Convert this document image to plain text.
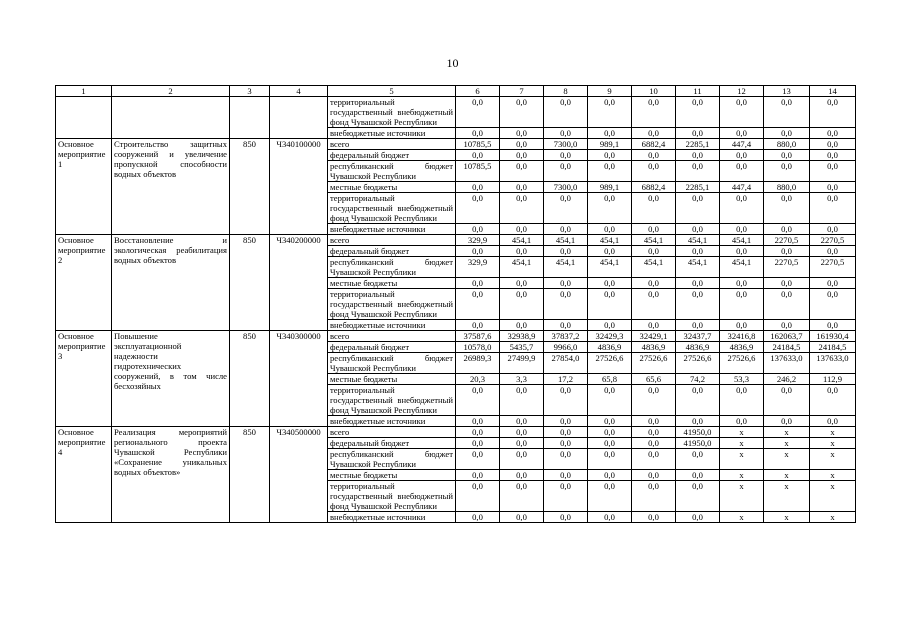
10
1	2	3	4	5	6	7	8	9	10	11	12	13	14
				территориальный государственный внебюджетный фонд Чувашской Республики	0,0	0,0	0,0	0,0	0,0	0,0	0,0	0,0	0,0
				внебюджетные источники	0,0	0,0	0,0	0,0	0,0	0,0	0,0	0,0	0,0
Основное мероприятие 1	Строительство защитных сооружений и увеличение пропускной способности водных объектов	850	Ч340100000	всего	10785,5	0,0	7300,0	989,1	6882,4	2285,1	447,4	880,0	0,0
				федеральный бюджет	0,0	0,0	0,0	0,0	0,0	0,0	0,0	0,0	0,0
				республиканский бюджет Чувашской Республики	10785,5	0,0	0,0	0,0	0,0	0,0	0,0	0,0	0,0
				местные бюджеты	0,0	0,0	7300,0	989,1	6882,4	2285,1	447,4	880,0	0,0
				территориальный государственный внебюджетный фонд Чувашской Республики	0,0	0,0	0,0	0,0	0,0	0,0	0,0	0,0	0,0
				внебюджетные источники	0,0	0,0	0,0	0,0	0,0	0,0	0,0	0,0	0,0
Основное мероприятие 2	Восстановление и экологическая реабилитация водных объектов	850	Ч340200000	всего	329,9	454,1	454,1	454,1	454,1	454,1	454,1	2270,5	2270,5
				федеральный бюджет	0,0	0,0	0,0	0,0	0,0	0,0	0,0	0,0	0,0
				республиканский бюджет Чувашской Республики	329,9	454,1	454,1	454,1	454,1	454,1	454,1	2270,5	2270,5
				местные бюджеты	0,0	0,0	0,0	0,0	0,0	0,0	0,0	0,0	0,0
				территориальный государственный внебюджетный фонд Чувашской Республики	0,0	0,0	0,0	0,0	0,0	0,0	0,0	0,0	0,0
				внебюджетные источники	0,0	0,0	0,0	0,0	0,0	0,0	0,0	0,0	0,0
Основное мероприятие 3	Повышение эксплуатационной надежности гидротехнических сооружений, в том числе бесхозяйных	850	Ч340300000	всего	37587,6	32938,9	37837,2	32429,3	32429,1	32437,7	32416,8	162063,7	161930,4
				федеральный бюджет	10578,0	5435,7	9966,0	4836,9	4836,9	4836,9	4836,9	24184,5	24184,5
				республиканский бюджет Чувашской Республики	26989,3	27499,9	27854,0	27526,6	27526,6	27526,6	27526,6	137633,0	137633,0
				местные бюджеты	20,3	3,3	17,2	65,8	65,6	74,2	53,3	246,2	112,9
				территориальный государственный внебюджетный фонд Чувашской Республики	0,0	0,0	0,0	0,0	0,0	0,0	0,0	0,0	0,0
				внебюджетные источники	0,0	0,0	0,0	0,0	0,0	0,0	0,0	0,0	0,0
Основное мероприятие 4	Реализация мероприятий регионального проекта Чувашской Республики «Сохранение уникальных водных объектов»	850	Ч340500000	всего	0,0	0,0	0,0	0,0	0,0	41950,0	x	x	x
				федеральный бюджет	0,0	0,0	0,0	0,0	0,0	41950,0	x	x	x
				республиканский бюджет Чувашской Республики	0,0	0,0	0,0	0,0	0,0	0,0	x	x	x
				местные бюджеты	0,0	0,0	0,0	0,0	0,0	0,0	x	x	x
				территориальный государственный внебюджетный фонд Чувашской Республики	0,0	0,0	0,0	0,0	0,0	0,0	x	x	x
				внебюджетные источники	0,0	0,0	0,0	0,0	0,0	0,0	x	x	x
